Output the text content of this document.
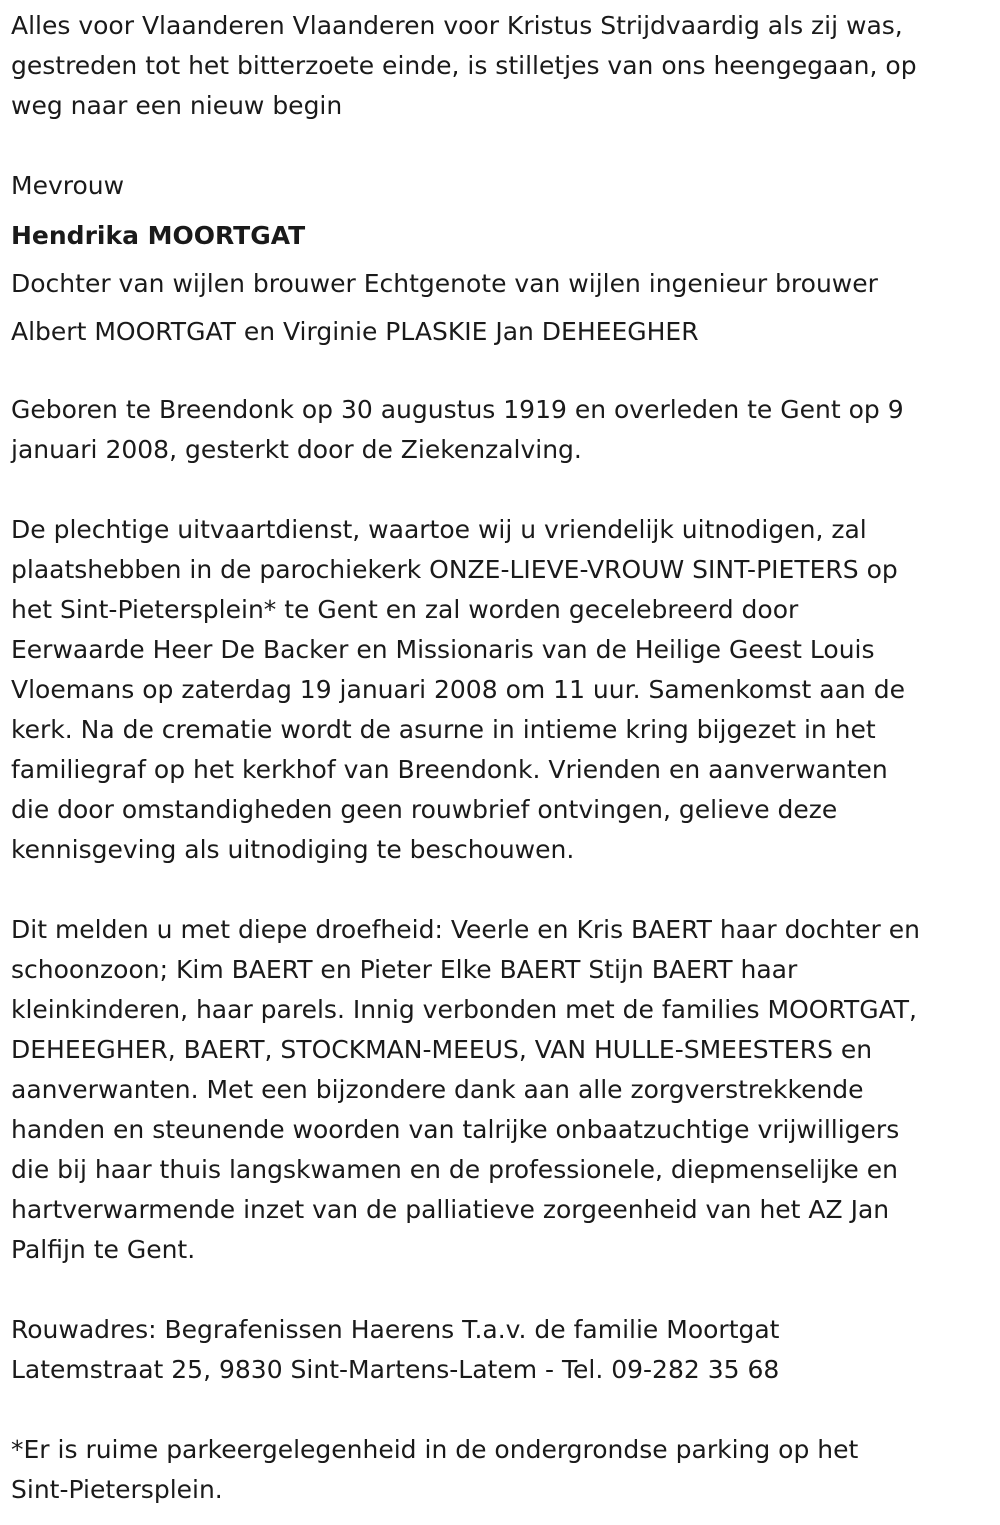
Alles voor Vlaanderen Vlaanderen voor Kristus Strijdvaardig als zij was,
gestreden tot het bitterzoete einde, is stilletjes van ons heengegaan, op
weg naar een nieuw begin

Mevrouw

Hendrika MOORTGAT

Dochter van wijlen brouwer Echtgenote van wijlen ingenieur brouwer

Albert MOORTGAT en Virginie PLASKIE Jan DEHEEGHER

Geboren te Breendonk op 30 augustus 1919 en overleden te Gent op 9
januari 2008, gesterkt door de Ziekenzalving.

De plechtige uitvaartdienst, waartoe wij u vriendelijk uitnodigen, zal
plaatshebben in de parochiekerk ONZE-LIEVE-VROUW SINT-PIETERS op
het Sint-Pietersplein* te Gent en zal worden gecelebreerd door
Eerwaarde Heer De Backer en Missionaris van de Heilige Geest Louis
Vloemans op zaterdag 19 januari 2008 om 11 uur. Samenkomst aan de
kerk. Na de crematie wordt de asurne in intieme kring bijgezet in het
familiegraf op het kerkhof van Breendonk. Vrienden en aanverwanten
die door omstandigheden geen rouwbrief ontvingen, gelieve deze
kennisgeving als uitnodiging te beschouwen.

Dit melden u met diepe droefheid: Veerle en Kris BAERT haar dochter en
schoonzoon; Kim BAERT en Pieter Elke BAERT Stijn BAERT haar
kleinkinderen, haar parels. Innig verbonden met de families MOORTGAT,
DEHEEGHER, BAERT, STOCKMAN-MEEUS, VAN HULLE-SMEESTERS en
aanverwanten. Met een bijzondere dank aan alle zorgverstrekkende
handen en steunende woorden van talrijke onbaatzuchtige vrijwilligers
die bij haar thuis langskwamen en de professionele, diepmenselijke en
hartverwarmende inzet van de palliatieve zorgeenheid van het AZ Jan
Palfijn te Gent.

Rouwadres: Begrafenissen Haerens T.a.v. de familie Moortgat
Latemstraat 25, 9830 Sint-Martens-Latem - Tel. 09-282 35 68

*Er is ruime parkeergelegenheid in de ondergrondse parking op het
Sint-Pietersplein.
